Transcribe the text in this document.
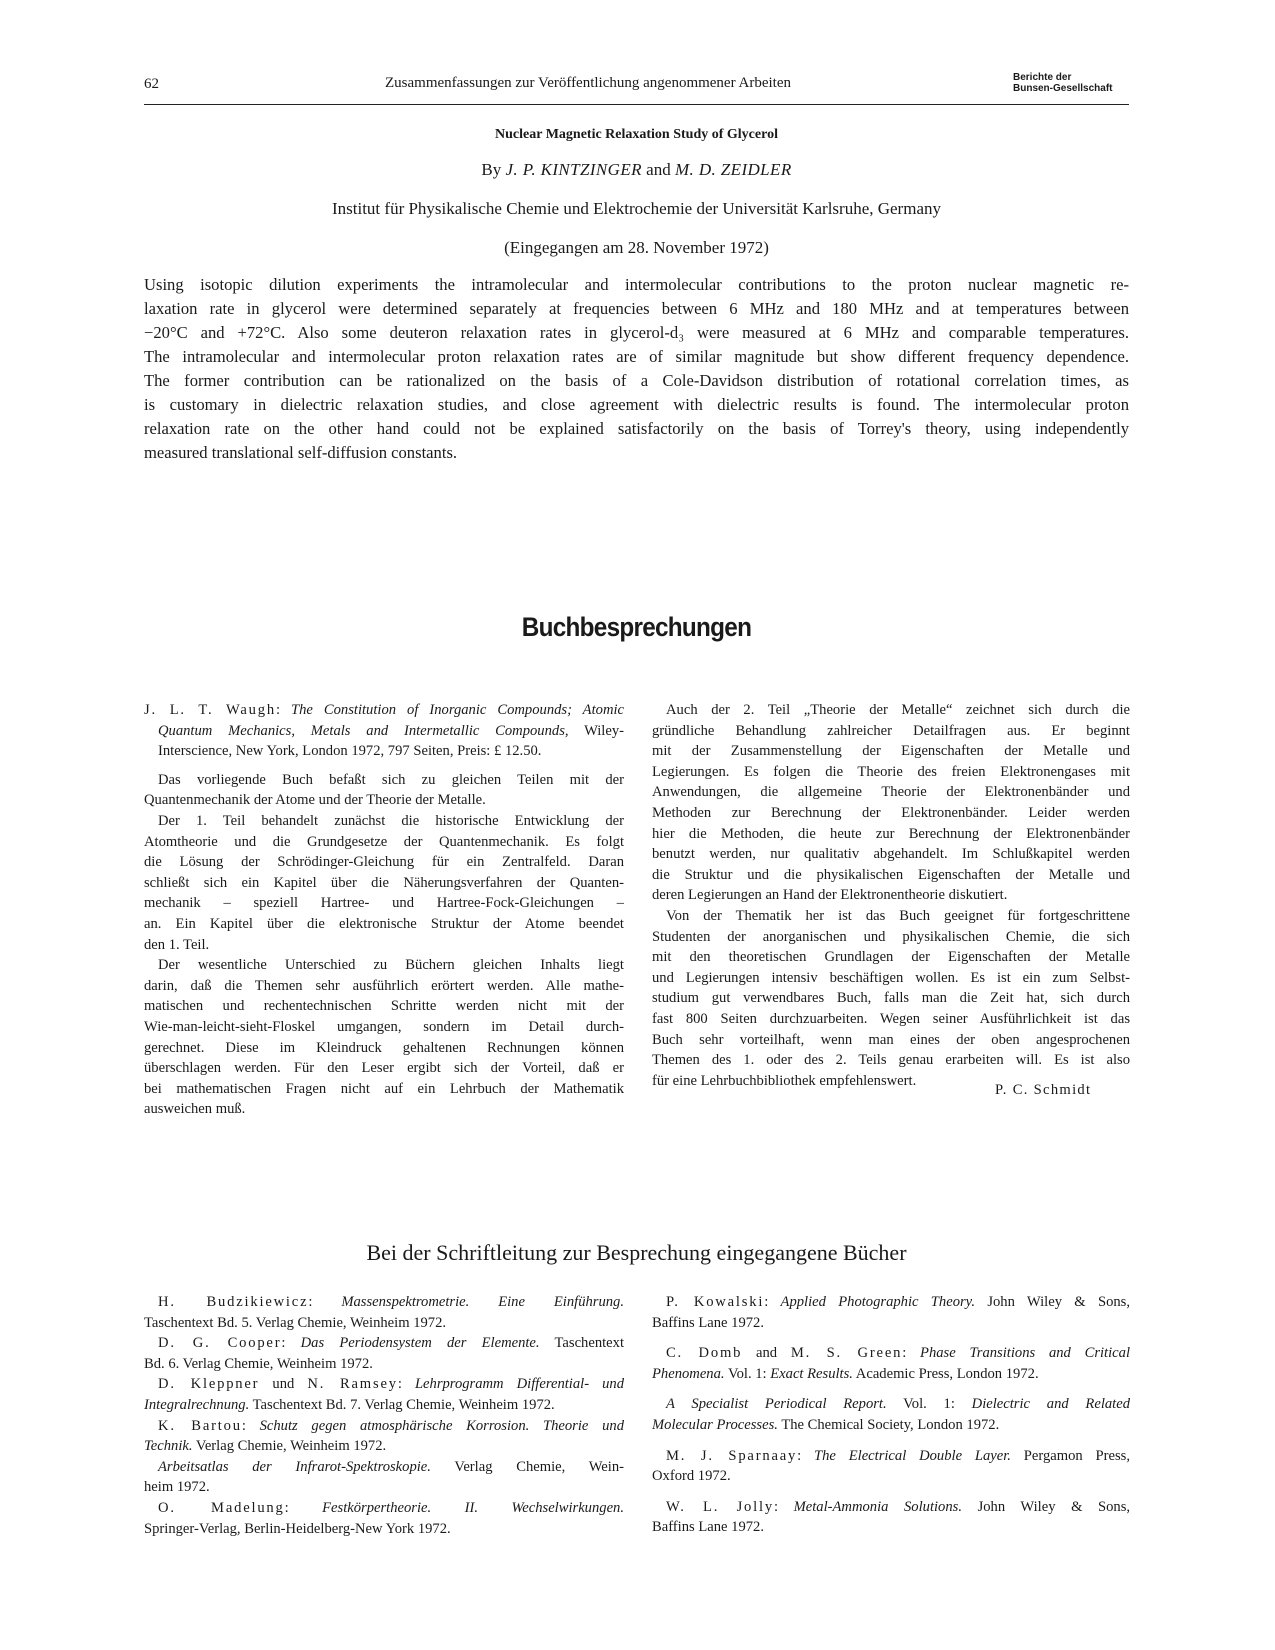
62	Zusammenfassungen zur Veröffentlichung angenommener Arbeiten	Berichte der
Bunsen-Gesellschaft
Nuclear Magnetic Relaxation Study of Glycerol
By J. P. KINTZINGER and M. D. ZEIDLER
Institut für Physikalische Chemie und Elektrochemie der Universität Karlsruhe, Germany
(Eingegangen am 28. November 1972)
Using isotopic dilution experiments the intramolecular and intermolecular contributions to the proton nuclear magnetic re-
laxation rate in glycerol were determined separately at frequencies between 6 MHz and 180 MHz and at temperatures between
−20°C and +72°C. Also some deuteron relaxation rates in glycerol-d₃ were measured at 6 MHz and comparable temperatures.
The intramolecular and intermolecular proton relaxation rates are of similar magnitude but show different frequency dependence.
The former contribution can be rationalized on the basis of a Cole-Davidson distribution of rotational correlation times, as
is customary in dielectric relaxation studies, and close agreement with dielectric results is found. The intermolecular proton
relaxation rate on the other hand could not be explained satisfactorily on the basis of Torrey's theory, using independently
measured translational self-diffusion constants.
Buchbesprechungen
J. L. T. Waugh: The Constitution of Inorganic Compounds; Atomic
Quantum Mechanics, Metals and Intermetallic Compounds, Wiley-
Interscience, New York, London 1972, 797 Seiten, Preis: £ 12.50.

Das vorliegende Buch befaßt sich zu gleichen Teilen mit der
Quantenmechanik der Atome und der Theorie der Metalle.

Der 1. Teil behandelt zunächst die historische Entwicklung der
Atomtheorie und die Grundgesetze der Quantenmechanik. Es folgt
die Lösung der Schrödinger-Gleichung für ein Zentralfeld. Daran
schließt sich ein Kapitel über die Näherungsverfahren der Quanten-
mechanik – speziell Hartree- und Hartree-Fock-Gleichungen –
an. Ein Kapitel über die elektronische Struktur der Atome beendet
den 1. Teil.

Der wesentliche Unterschied zu Büchern gleichen Inhalts liegt
darin, daß die Themen sehr ausführlich erörtert werden. Alle mathe-
matischen und rechentechnischen Schritte werden nicht mit der
Wie-man-leicht-sieht-Floskel umgangen, sondern im Detail durch-
gerechnet. Diese im Kleindruck gehaltenen Rechnungen können
überschlagen werden. Für den Leser ergibt sich der Vorteil, daß er
bei mathematischen Fragen nicht auf ein Lehrbuch der Mathematik
ausweichen muß.

Auch der 2. Teil „Theorie der Metalle“ zeichnet sich durch die
gründliche Behandlung zahlreicher Detailfragen aus. Er beginnt
mit der Zusammenstellung der Eigenschaften der Metalle und
Legierungen. Es folgen die Theorie des freien Elektronengases mit
Anwendungen, die allgemeine Theorie der Elektronenbänder und
Methoden zur Berechnung der Elektronenbänder. Leider werden
hier die Methoden, die heute zur Berechnung der Elektronenbänder
benutzt werden, nur qualitativ abgehandelt. Im Schlußkapitel werden
die Struktur und die physikalischen Eigenschaften der Metalle und
deren Legierungen an Hand der Elektronentheorie diskutiert.

Von der Thematik her ist das Buch geeignet für fortgeschrittene
Studenten der anorganischen und physikalischen Chemie, die sich
mit den theoretischen Grundlagen der Eigenschaften der Metalle
und Legierungen intensiv beschäftigen wollen. Es ist ein zum Selbst-
studium gut verwendbares Buch, falls man die Zeit hat, sich durch
fast 800 Seiten durchzuarbeiten. Wegen seiner Ausführlichkeit ist das
Buch sehr vorteilhaft, wenn man eines der oben angesprochenen
Themen des 1. oder des 2. Teils genau erarbeiten will. Es ist also
für eine Lehrbuchbibliothek empfehlenswert.

P. C. Schmidt
Bei der Schriftleitung zur Besprechung eingegangene Bücher
H. Budzikiewicz: Massenspektrometrie. Eine Einführung.
Taschentext Bd. 5. Verlag Chemie, Weinheim 1972.
D. G. Cooper: Das Periodensystem der Elemente. Taschentext
Bd. 6. Verlag Chemie, Weinheim 1972.
D. Kleppner und N. Ramsey: Lehrprogramm Differential- und
Integralrechnung. Taschentext Bd. 7. Verlag Chemie, Weinheim 1972.
K. Bartou: Schutz gegen atmosphärische Korrosion. Theorie und
Technik. Verlag Chemie, Weinheim 1972.
Arbeitsatlas der Infrarot-Spektroskopie. Verlag Chemie, Wein-
heim 1972.
O. Madelung: Festkörpertheorie. II. Wechselwirkungen.
Springer-Verlag, Berlin-Heidelberg-New York 1972.
P. Kowalski: Applied Photographic Theory. John Wiley & Sons,
Baffins Lane 1972.
C. Domb and M. S. Green: Phase Transitions and Critical
Phenomena. Vol. 1: Exact Results. Academic Press, London 1972.
A Specialist Periodical Report. Vol. 1: Dielectric and Related
Molecular Processes. The Chemical Society, London 1972.
M. J. Sparnaay: The Electrical Double Layer. Pergamon Press,
Oxford 1972.
W. L. Jolly: Metal-Ammonia Solutions. John Wiley & Sons,
Baffins Lane 1972.
